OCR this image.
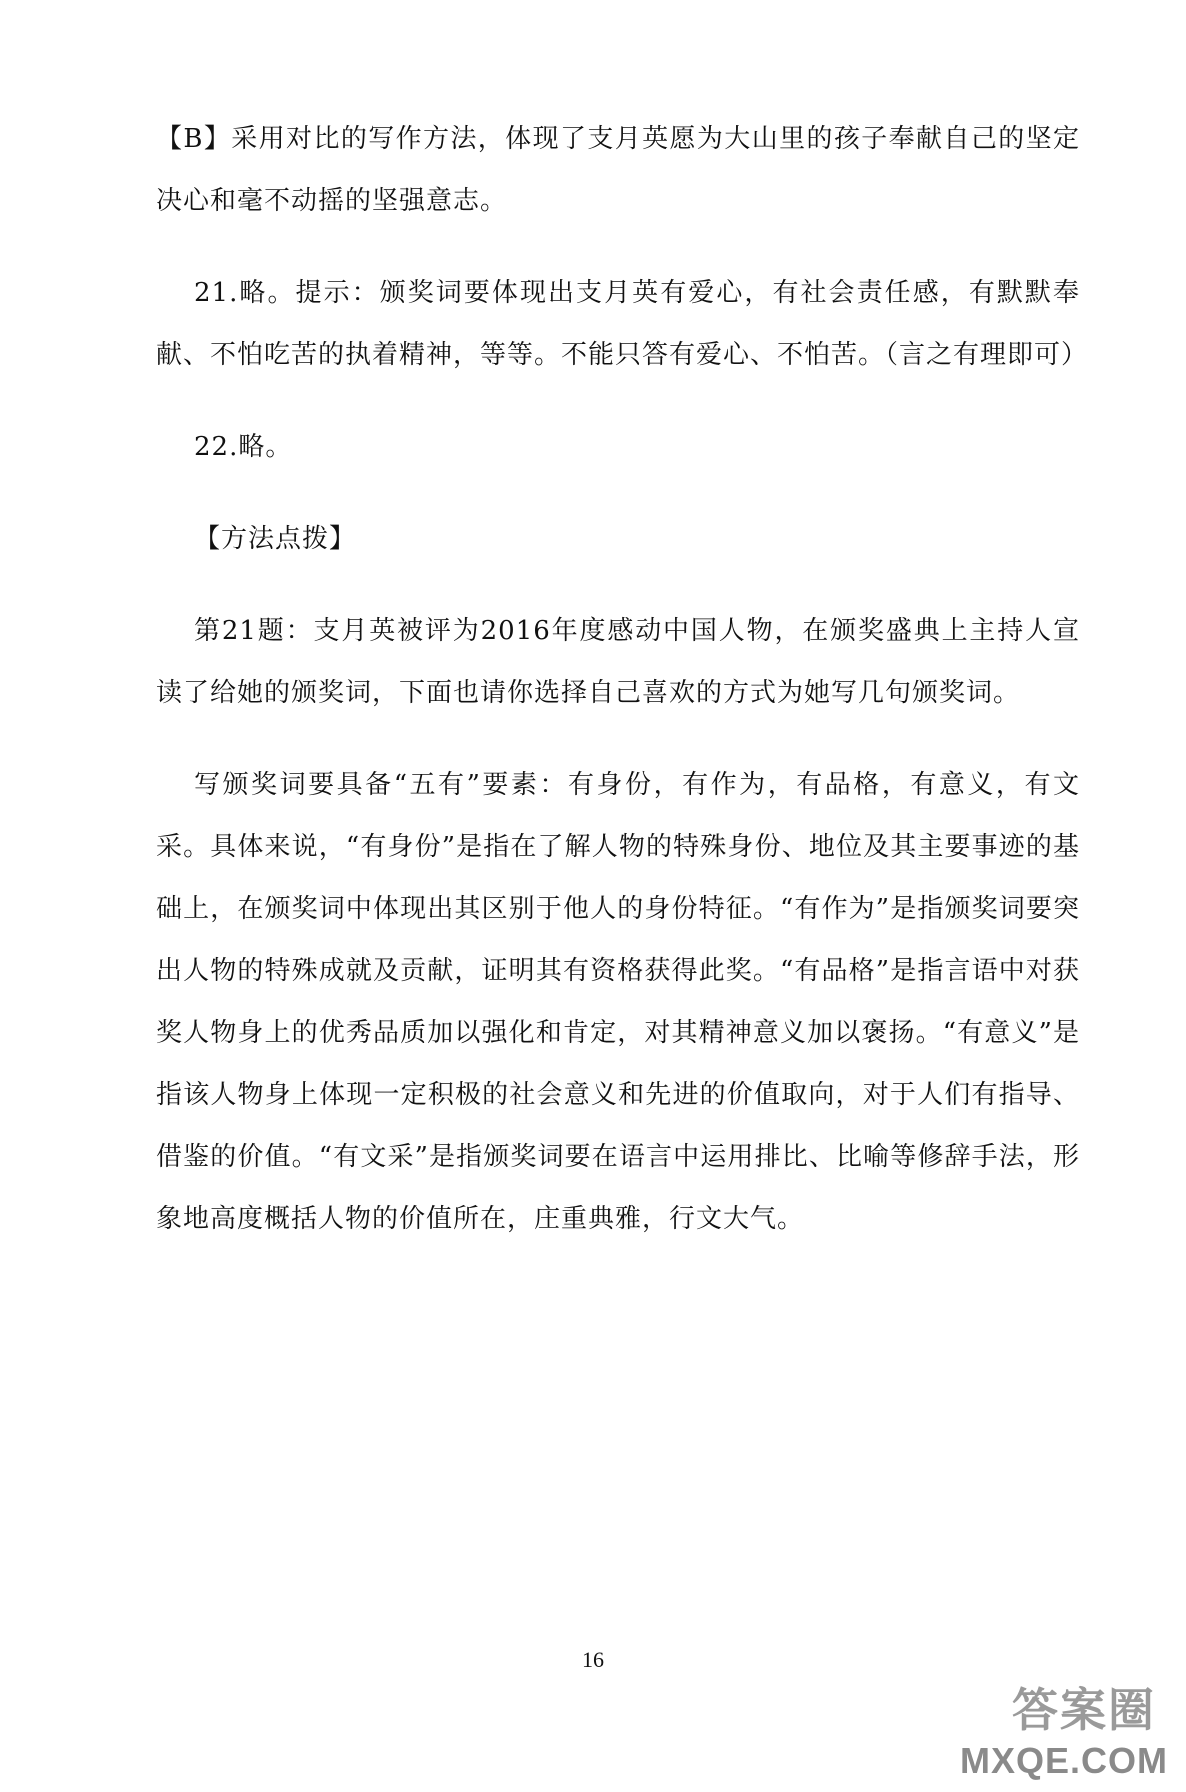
【B】采用对比的写作方法，体现了支月英愿为大山里的孩子奉献自己的坚定决心和毫不动摇的坚强意志。

21.略。提示：颁奖词要体现出支月英有爱心，有社会责任感，有默默奉献、不怕吃苦的执着精神，等等。不能只答有爱心、不怕苦。（言之有理即可）

22.略。

【方法点拨】

第21题：支月英被评为2016年度感动中国人物，在颁奖盛典上主持人宣读了给她的颁奖词，下面也请你选择自己喜欢的方式为她写几句颁奖词。

写颁奖词要具备“五有”要素：有身份，有作为，有品格，有意义，有文采。具体来说，“有身份”是指在了解人物的特殊身份、地位及其主要事迹的基础上，在颁奖词中体现出其区别于他人的身份特征。“有作为”是指颁奖词要突出人物的特殊成就及贡献，证明其有资格获得此奖。“有品格”是指言语中对获奖人物身上的优秀品质加以强化和肯定，对其精神意义加以褒扬。“有意义”是指该人物身上体现一定积极的社会意义和先进的价值取向，对于人们有指导、借鉴的价值。“有文采”是指颁奖词要在语言中运用排比、比喻等修辞手法，形象地高度概括人物的价值所在，庄重典雅，行文大气。

16
答案圈
MXQE.COM
